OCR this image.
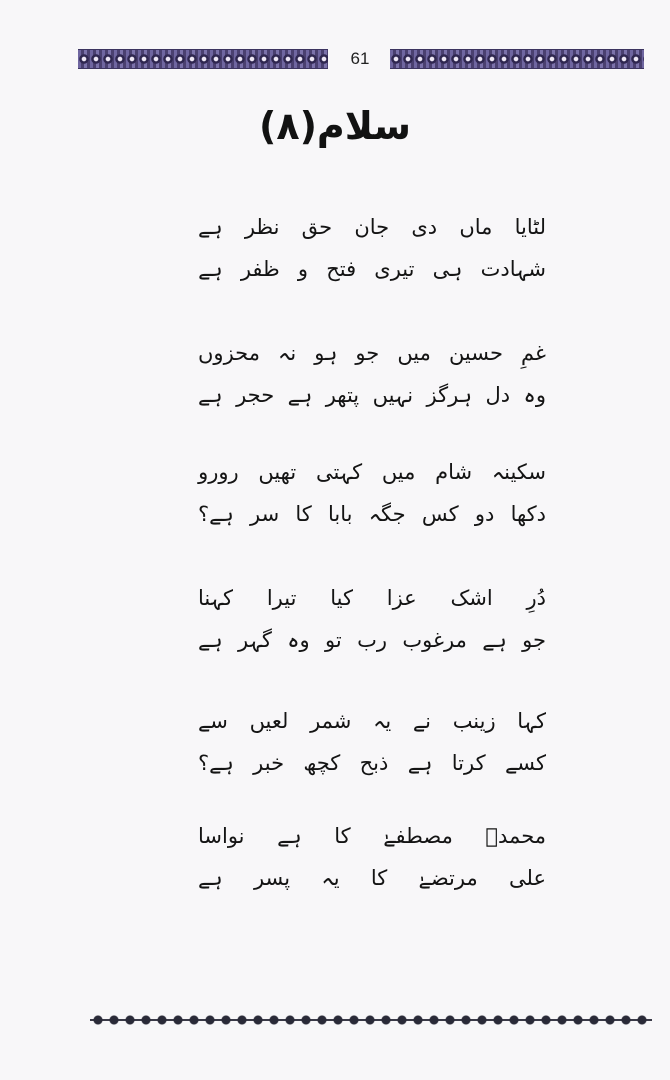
61
سلام(۸)
لٹایا
ماں
دی
جان
حق
نظر
ہے
شہادت
ہی
تیری
فتح
و
ظفر
ہے
غمِ
حسین
میں
جو
ہو
نہ
محزوں
وہ
دل
ہرگز
نہیں
پتھر
ہے
حجر
ہے
سکینہ
شام
میں
کہتی
تھیں
رورو
دکھا
دو
کس
جگہ
بابا
کا
سر
ہے؟
دُرِ
اشک
عزا
کیا
تیرا
کہنا
جو
ہے
مرغوب
رب
تو
وہ
گہر
ہے
کہا
زینب
نے
یہ
شمر
لعیں
سے
کسے
کرتا
ہے
ذبح
کچھ
خبر
ہے؟
محمدؐ
مصطفےٰ
کا
ہے
نواسا
علی
مرتضےٰ
کا
یہ
پسر
ہے
